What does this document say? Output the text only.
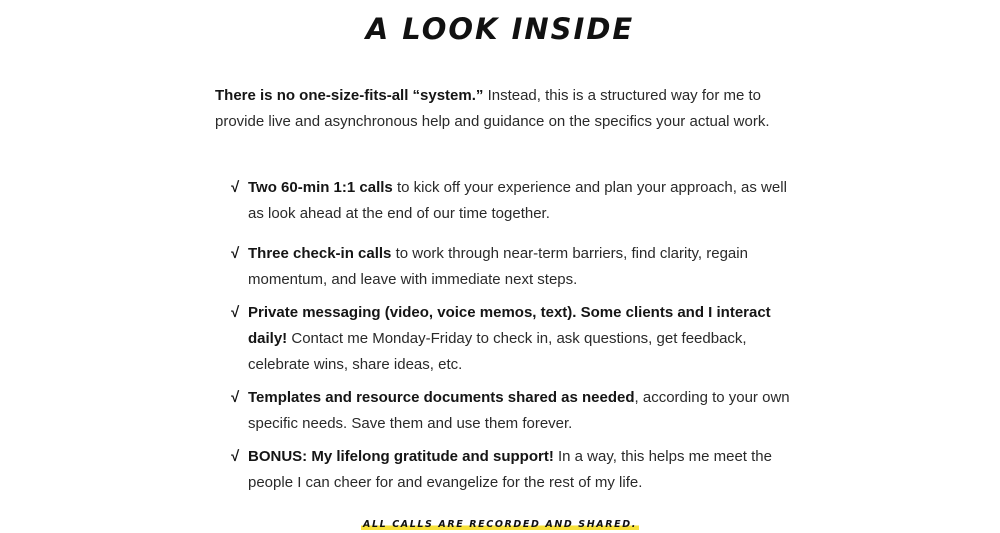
A LOOK INSIDE

There is no one-size-fits-all “system.” Instead, this is a structured way for me to provide live and asynchronous help and guidance on the specifics your actual work.

√ Two 60-min 1:1 calls to kick off your experience and plan your approach, as well as look ahead at the end of our time together.
√ Three check-in calls to work through near-term barriers, find clarity, regain momentum, and leave with immediate next steps.
√ Private messaging (video, voice memos, text). Some clients and I interact daily! Contact me Monday-Friday to check in, ask questions, get feedback, celebrate wins, share ideas, etc.
√ Templates and resource documents shared as needed, according to your own specific needs. Save them and use them forever.
√ BONUS: My lifelong gratitude and support! In a way, this helps me meet the people I can cheer for and evangelize for the rest of my life.
ALL CALLS ARE RECORDED AND SHARED.
